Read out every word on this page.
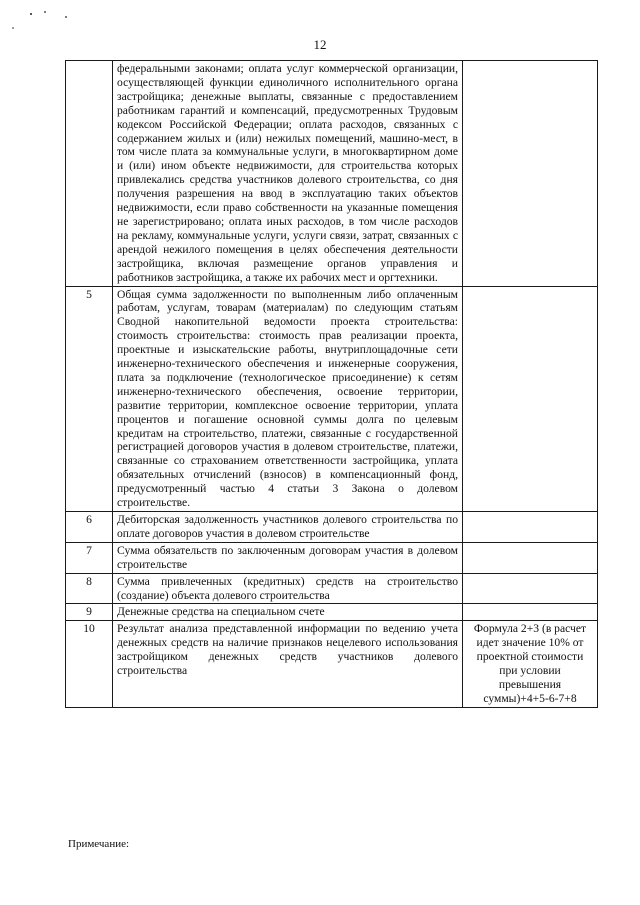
12
	федеральными законами; оплата услуг коммерческой организации, осуществляющей функции единоличного исполнительного органа застройщика; денежные выплаты, связанные с предоставлением работникам гарантий и компенсаций, предусмотренных Трудовым кодексом Российской Федерации; оплата расходов, связанных с содержанием жилых и (или) нежилых помещений, машино-мест, в том числе плата за коммунальные услуги, в многоквартирном доме и (или) ином объекте недвижимости, для строительства которых привлекались средства участников долевого строительства, со дня получения разрешения на ввод в эксплуатацию таких объектов недвижимости, если право собственности на указанные помещения не зарегистрировано; оплата иных расходов, в том числе расходов на рекламу, коммунальные услуги, услуги связи, затрат, связанных с арендой нежилого помещения в целях обеспечения деятельности застройщика, включая размещение органов управления и работников застройщика, а также их рабочих мест и оргтехники.	
5	Общая сумма задолженности по выполненным либо оплаченным работам, услугам, товарам (материалам) по следующим статьям Сводной накопительной ведомости проекта строительства: стоимость строительства: стоимость прав реализации проекта, проектные и изыскательские работы, внутриплощадочные сети инженерно-технического обеспечения и инженерные сооружения, плата за подключение (технологическое присоединение) к сетям инженерно-технического обеспечения, освоение территории, развитие территории, комплексное освоение территории, уплата процентов и погашение основной суммы долга по целевым кредитам на строительство, платежи, связанные с государственной регистрацией договоров участия в долевом строительстве, платежи, связанные со страхованием ответственности застройщика, уплата обязательных отчислений (взносов) в компенсационный фонд, предусмотренный частью 4 статьи 3 Закона о долевом строительстве.	
6	Дебиторская задолженность участников долевого строительства по оплате договоров участия в долевом строительстве	
7	Сумма обязательств по заключенным договорам участия в долевом строительстве	
8	Сумма привлеченных (кредитных) средств на строительство (создание) объекта долевого строительства	
9	Денежные средства на специальном счете	
10	Результат анализа представленной информации по ведению учета денежных средств на наличие признаков нецелевого использования застройщиком денежных средств участников долевого строительства	Формула 2+3 (в расчет идет значение 10% от проектной стоимости при условии превышения суммы)+4+5-6-7+8
Примечание:
